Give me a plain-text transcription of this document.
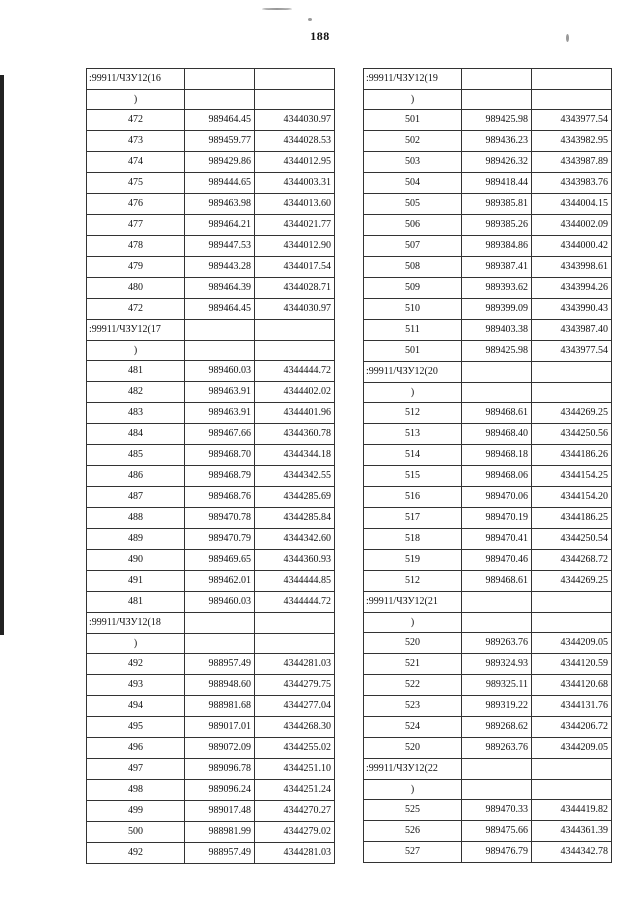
188
:99911/ЧЗУ12(16		
)		
472	989464.45	4344030.97
473	989459.77	4344028.53
474	989429.86	4344012.95
475	989444.65	4344003.31
476	989463.98	4344013.60
477	989464.21	4344021.77
478	989447.53	4344012.90
479	989443.28	4344017.54
480	989464.39	4344028.71
472	989464.45	4344030.97
:99911/ЧЗУ12(17		
)		
481	989460.03	4344444.72
482	989463.91	4344402.02
483	989463.91	4344401.96
484	989467.66	4344360.78
485	989468.70	4344344.18
486	989468.79	4344342.55
487	989468.76	4344285.69
488	989470.78	4344285.84
489	989470.79	4344342.60
490	989469.65	4344360.93
491	989462.01	4344444.85
481	989460.03	4344444.72
:99911/ЧЗУ12(18		
)		
492	988957.49	4344281.03
493	988948.60	4344279.75
494	988981.68	4344277.04
495	989017.01	4344268.30
496	989072.09	4344255.02
497	989096.78	4344251.10
498	989096.24	4344251.24
499	989017.48	4344270.27
500	988981.99	4344279.02
492	988957.49	4344281.03
:99911/ЧЗУ12(19		
)		
501	989425.98	4343977.54
502	989436.23	4343982.95
503	989426.32	4343987.89
504	989418.44	4343983.76
505	989385.81	4344004.15
506	989385.26	4344002.09
507	989384.86	4344000.42
508	989387.41	4343998.61
509	989393.62	4343994.26
510	989399.09	4343990.43
511	989403.38	4343987.40
501	989425.98	4343977.54
:99911/ЧЗУ12(20		
)		
512	989468.61	4344269.25
513	989468.40	4344250.56
514	989468.18	4344186.26
515	989468.06	4344154.25
516	989470.06	4344154.20
517	989470.19	4344186.25
518	989470.41	4344250.54
519	989470.46	4344268.72
512	989468.61	4344269.25
:99911/ЧЗУ12(21		
)		
520	989263.76	4344209.05
521	989324.93	4344120.59
522	989325.11	4344120.68
523	989319.22	4344131.76
524	989268.62	4344206.72
520	989263.76	4344209.05
:99911/ЧЗУ12(22		
)		
525	989470.33	4344419.82
526	989475.66	4344361.39
527	989476.79	4344342.78
